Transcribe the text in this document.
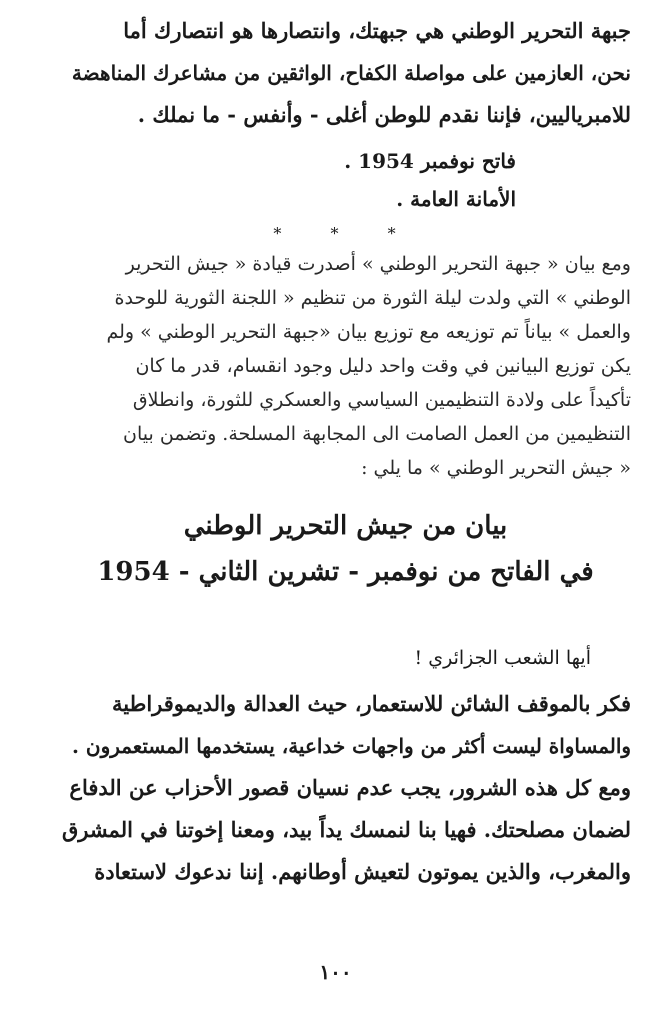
جبهة التحرير الوطني هي جبهتك، وانتصارها هو انتصارك أما
نحن، العازمين على مواصلة الكفاح، الواثقين من مشاعرك المناهضة
للامبرياليين، فإننا نقدم للوطن أغلى - وأنفس - ما نملك .
فاتح نوفمبر 1954 .
الأمانة العامة .
* * *
ومع بيان « جبهة التحرير الوطني » أصدرت قيادة « جيش التحرير
الوطني » التي ولدت ليلة الثورة من تنظيم « اللجنة الثورية للوحدة
والعمل » بياناً تم توزيعه مع توزيع بيان «جبهة التحرير الوطني » ولم
يكن توزيع البيانين في وقت واحد دليل وجود انقسام، قدر ما كان
تأكيداً على ولادة التنظيمين السياسي والعسكري للثورة، وانطلاق
التنظيمين من العمل الصامت الى المجابهة المسلحة. وتضمن بيان
« جيش التحرير الوطني » ما يلي :
بيان من جيش التحرير الوطني
في الفاتح من نوفمبر - تشرين الثاني - 1954
أيها الشعب الجزائري !
فكر بالموقف الشائن للاستعمار، حيث العدالة والديموقراطية
والمساواة ليست أكثر من واجهات خداعية، يستخدمها المستعمرون .
ومع كل هذه الشرور، يجب عدم نسيان قصور الأحزاب عن الدفاع
لضمان مصلحتك. فهيا بنا لنمسك يداً بيد، ومعنا إخوتنا في المشرق
والمغرب، والذين يموتون لتعيش أوطانهم. إننا ندعوك لاستعادة
١٠٠
